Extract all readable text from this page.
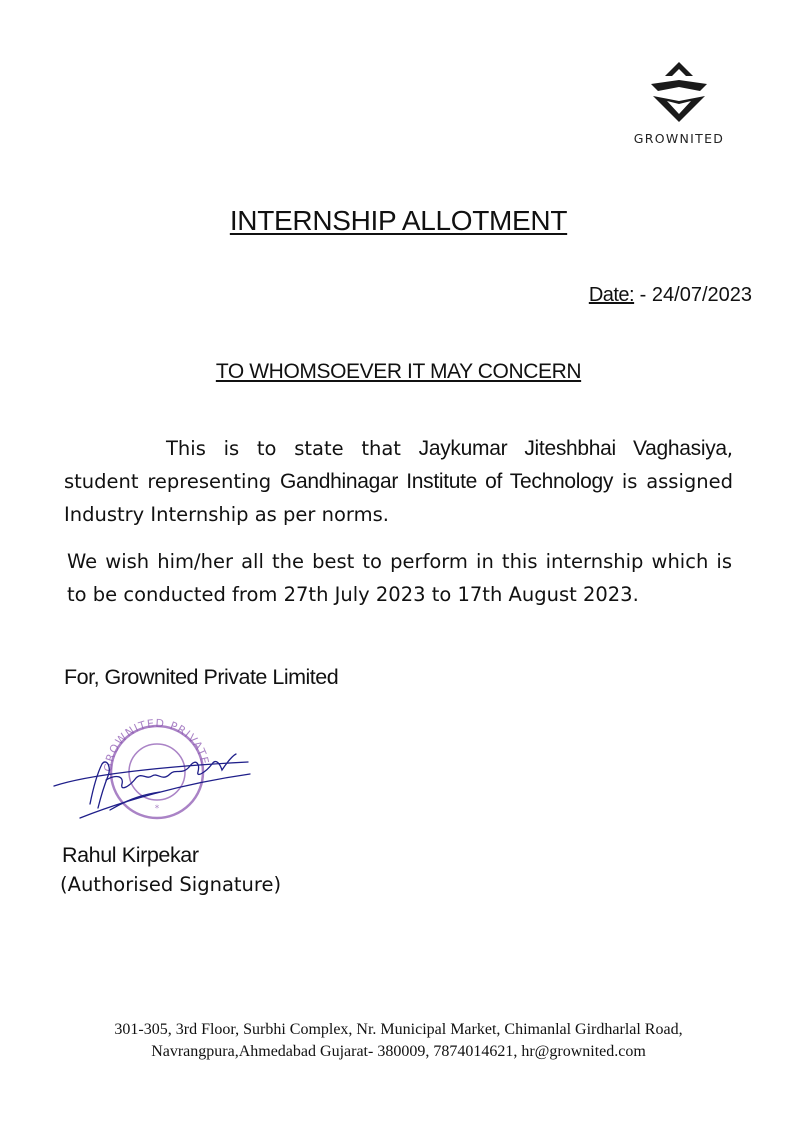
GROWNITED
INTERNSHIP ALLOTMENT
Date: - 24/07/2023
TO WHOMSOEVER IT MAY CONCERN
This is to state that Jaykumar Jiteshbhai Vaghasiya, student representing Gandhinagar Institute of Technology is assigned Industry Internship as per norms.
We wish him/her all the best to perform in this internship which is to be conducted from 27th July 2023 to 17th August 2023.
For, Grownited Private Limited
GROWNITED PRIVATE
*
Rahul Kirpekar
(Authorised Signature)
301-305, 3rd Floor, Surbhi Complex, Nr. Municipal Market, Chimanlal Girdharlal Road,
Navrangpura,Ahmedabad Gujarat- 380009, 7874014621, hr@grownited.com
